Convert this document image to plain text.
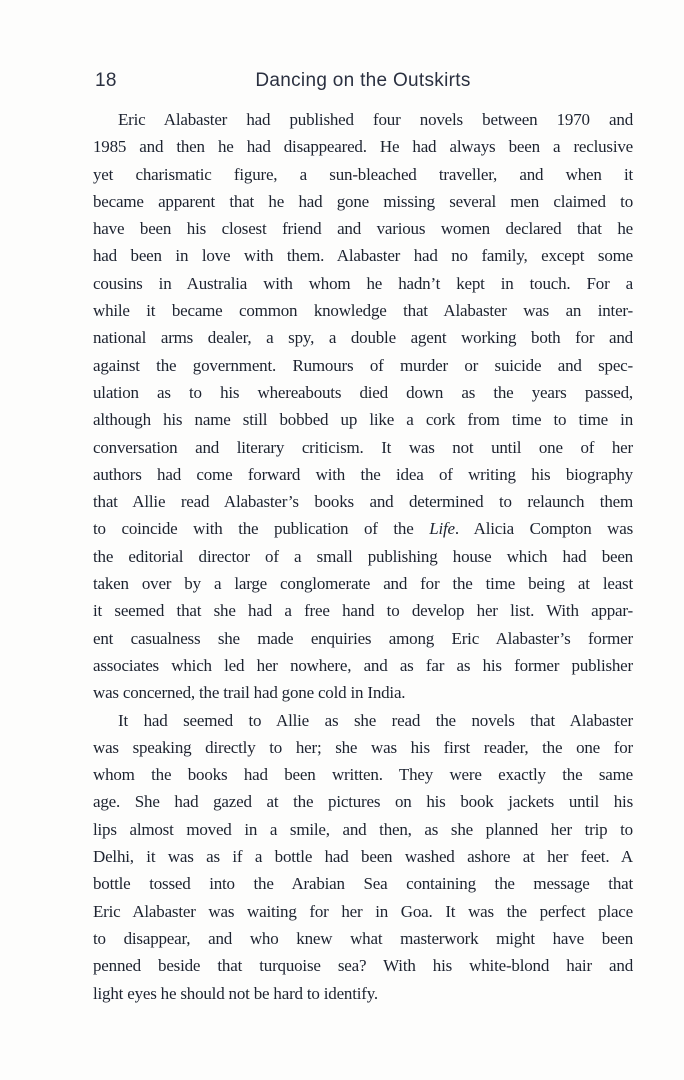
18	Dancing on the Outskirts
Eric Alabaster had published four novels between 1970 and
1985 and then he had disappeared. He had always been a reclusive
yet charismatic figure, a sun-bleached traveller, and when it
became apparent that he had gone missing several men claimed to
have been his closest friend and various women declared that he
had been in love with them. Alabaster had no family, except some
cousins in Australia with whom he hadn’t kept in touch. For a
while it became common knowledge that Alabaster was an inter-
national arms dealer, a spy, a double agent working both for and
against the government. Rumours of murder or suicide and spec-
ulation as to his whereabouts died down as the years passed,
although his name still bobbed up like a cork from time to time in
conversation and literary criticism. It was not until one of her
authors had come forward with the idea of writing his biography
that Allie read Alabaster’s books and determined to relaunch them
to coincide with the publication of the Life. Alicia Compton was
the editorial director of a small publishing house which had been
taken over by a large conglomerate and for the time being at least
it seemed that she had a free hand to develop her list. With appar-
ent casualness she made enquiries among Eric Alabaster’s former
associates which led her nowhere, and as far as his former publisher
was concerned, the trail had gone cold in India.
It had seemed to Allie as she read the novels that Alabaster
was speaking directly to her; she was his first reader, the one for
whom the books had been written. They were exactly the same
age. She had gazed at the pictures on his book jackets until his
lips almost moved in a smile, and then, as she planned her trip to
Delhi, it was as if a bottle had been washed ashore at her feet. A
bottle tossed into the Arabian Sea containing the message that
Eric Alabaster was waiting for her in Goa. It was the perfect place
to disappear, and who knew what masterwork might have been
penned beside that turquoise sea? With his white-blond hair and
light eyes he should not be hard to identify.
